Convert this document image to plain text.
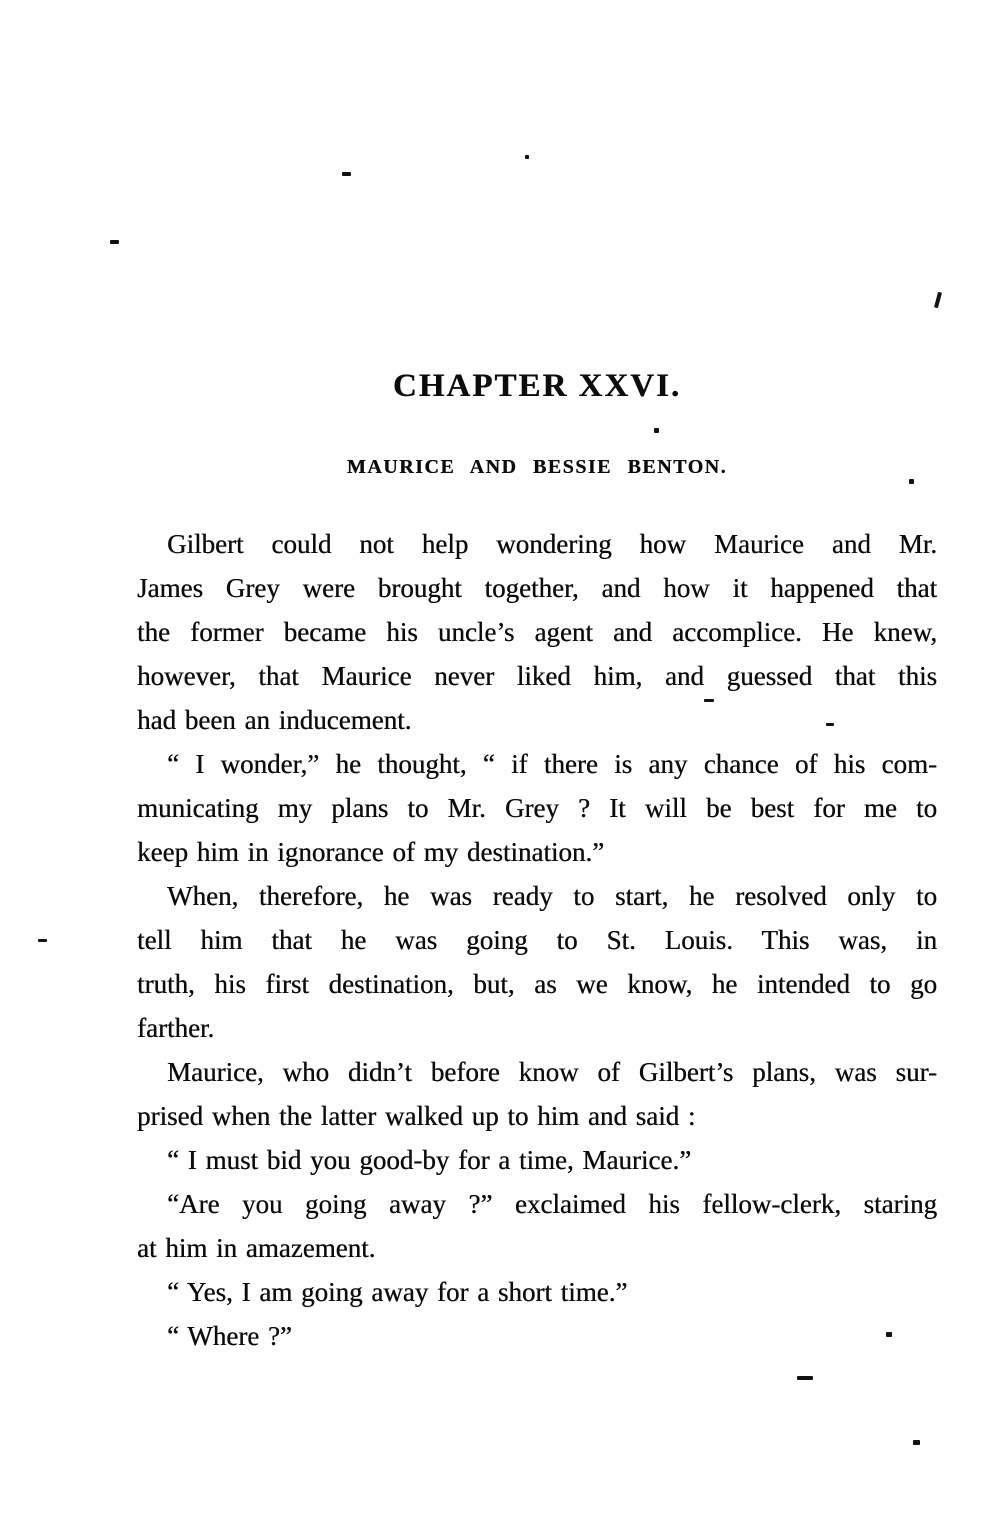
CHAPTER XXVI.
MAURICE AND BESSIE BENTON.
Gilbert could not help wondering how Maurice and Mr.
James Grey were brought together, and how it happened that
the former became his uncle’s agent and accomplice. He knew,
however, that Maurice never liked him, and guessed that this
had been an inducement.
“ I wonder,” he thought, “ if there is any chance of his com-
municating my plans to Mr. Grey ? It will be best for me to
keep him in ignorance of my destination.”
When, therefore, he was ready to start, he resolved only to
tell him that he was going to St. Louis. This was, in
truth, his first destination, but, as we know, he intended to go
farther.
Maurice, who didn’t before know of Gilbert’s plans, was sur-
prised when the latter walked up to him and said :
“ I must bid you good-by for a time, Maurice.”
“Are you going away ?” exclaimed his fellow-clerk, staring
at him in amazement.
“ Yes, I am going away for a short time.”
“ Where ?”
